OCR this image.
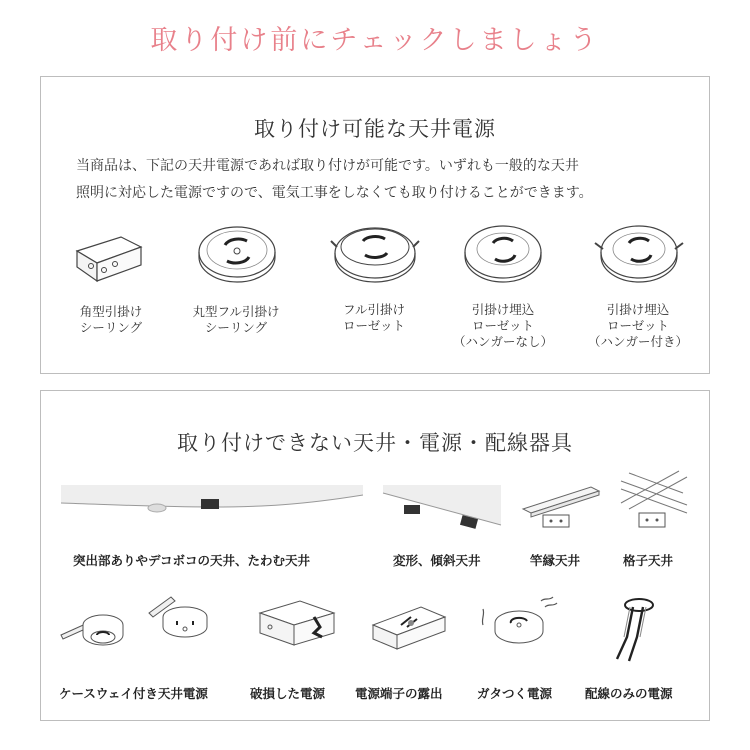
取り付け前にチェックしましょう
取り付け可能な天井電源
当商品は、下記の天井電源であれば取り付けが可能です。いずれも一般的な天井
照明に対応した電源ですので、電気工事をしなくても取り付けることができます。
角型引掛け
シーリング
丸型フル引掛け
シーリング
フル引掛け
ローゼット
引掛け埋込
ローゼット
（ハンガーなし）
引掛け埋込
ローゼット
（ハンガー付き）
取り付けできない天井・電源・配線器具
突出部ありやデコボコの天井、たわむ天井	変形、傾斜天井	竿縁天井	格子天井
ケースウェイ付き天井電源	破損した電源 電源端子の露出	ガタつく電源	配線のみの電源
